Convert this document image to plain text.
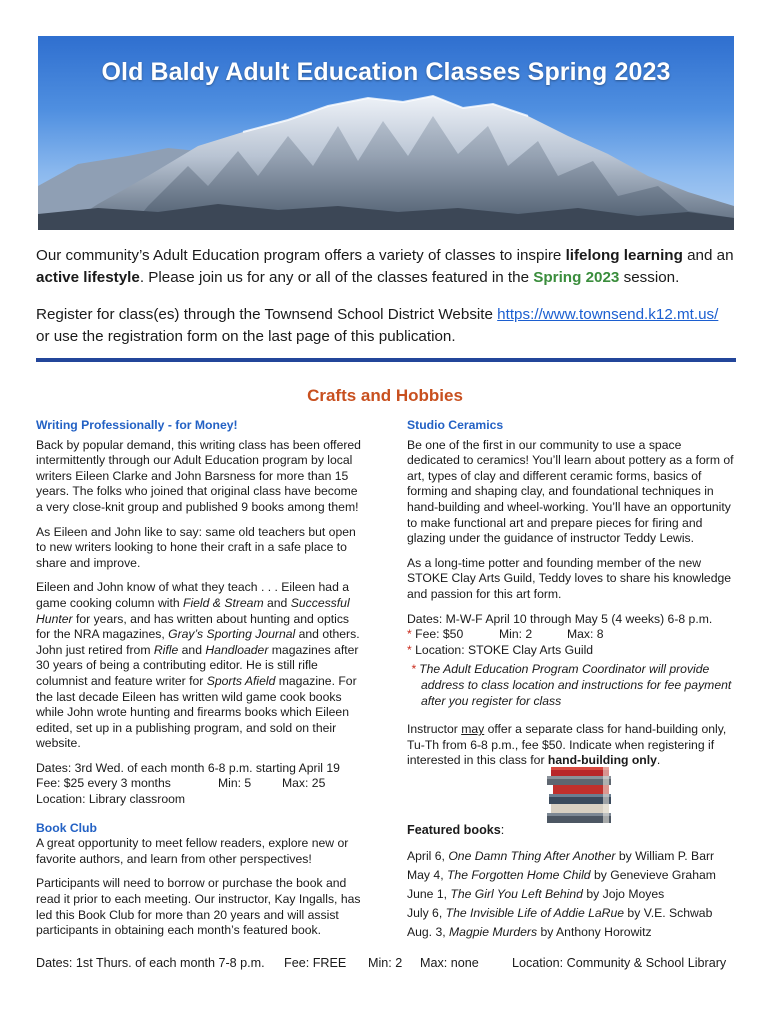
Old Baldy Adult Education Classes Spring 2023

Our community’s Adult Education program offers a variety of classes to inspire lifelong learning and an active lifestyle. Please join us for any or all of the classes featured in the Spring 2023 session.

Register for class(es) through the Townsend School District Website https://www.townsend.k12.mt.us/
or use the registration form on the last page of this publication.

Crafts and Hobbies
Writing Professionally - for Money!

Back by popular demand, this writing class has been offered intermittently through our Adult Education program by local writers Eileen Clarke and John Barsness for more than 15 years. The folks who joined that original class have become a very close-knit group and published 9 books among them!

As Eileen and John like to say: same old teachers but open to new writers looking to hone their craft in a safe place to share and improve.

Eileen and John know of what they teach . . . Eileen had a game cooking column with Field & Stream and Successful Hunter for years, and has written about hunting and optics for the NRA magazines, Gray’s Sporting Journal and others. John just retired from Rifle and Handloader magazines after 30 years of being a contributing editor. He is still rifle columnist and feature writer for Sports Afield magazine. For the last decade Eileen has written wild game cook books while John wrote hunting and firearms books which Eileen edited, set up in a publishing program, and sold on their website.

Dates: 3rd Wed. of each month 6-8 p.m. starting April 19

Fee: $25 every 3 months	Min: 5	Max: 25

Location: Library classroom

Book Club

A great opportunity to meet fellow readers, explore new or favorite authors, and learn from other perspectives!

Participants will need to borrow or purchase the book and read it prior to each meeting. Our instructor, Kay Ingalls, has led this Book Club for more than 20 years and will assist participants in obtaining each month’s featured book.

Studio Ceramics

Be one of the first in our community to use a space dedicated to ceramics! You’ll learn about pottery as a form of art, types of clay and different ceramic forms, basics of forming and shaping clay, and foundational techniques in hand-building and wheel-working. You’ll have an opportunity to make functional art and prepare pieces for firing and glazing under the guidance of instructor Teddy Lewis.

As a long-time potter and founding member of the new STOKE Clay Arts Guild, Teddy loves to share his knowledge and passion for this art form.

Dates: M-W-F April 10 through May 5 (4 weeks) 6-8 p.m.

* Fee: $50	Min: 2	Max: 8

* Location: STOKE Clay Arts Guild

* The Adult Education Program Coordinator will provide address to class location and instructions for fee payment after you register for class

Instructor may offer a separate class for hand-building only, Tu-Th from 6-8 p.m., fee $50. Indicate when registering if interested in this class for hand-building only.

Featured books:

April 6, One Damn Thing After Another by William P. Barr

May 4, The Forgotten Home Child by Genevieve Graham

June 1, The Girl You Left Behind by Jojo Moyes

July 6, The Invisible Life of Addie LaRue by V.E. Schwab

Aug. 3, Magpie Murders by Anthony Horowitz

Dates: 1st Thurs. of each month 7-8 p.m.	Fee: FREE	Min: 2	Max: none	Location: Community & School Library
